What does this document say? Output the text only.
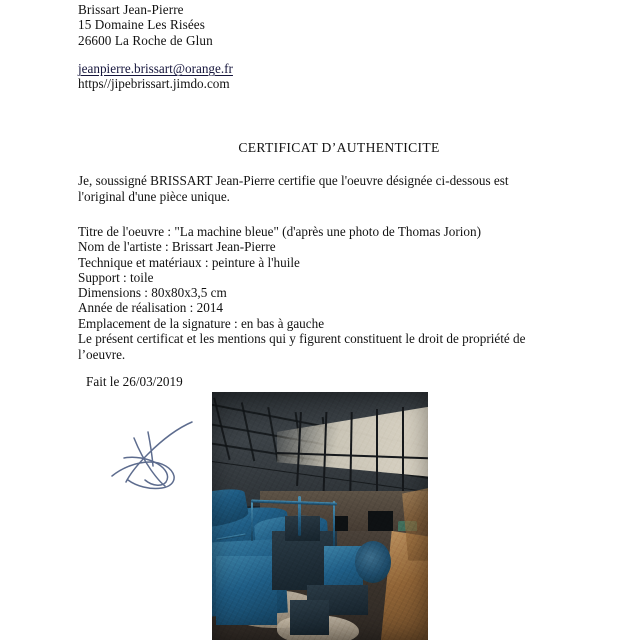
Brissart Jean-Pierre
15 Domaine Les Risées
26600 La Roche de Glun
jeanpierre.brissart@orange.fr
https//jipebrissart.jimdo.com
CERTIFICAT D’AUTHENTICITE
Je, soussigné BRISSART Jean-Pierre certifie que l'oeuvre désignée ci-dessous est l'original d'une pièce unique.
Titre de l'oeuvre : "La machine bleue" (d'après une photo de Thomas Jorion)
Nom de l'artiste : Brissart Jean-Pierre
Technique et matériaux : peinture à l'huile
Support : toile
Dimensions : 80x80x3,5 cm
Année de réalisation : 2014
Emplacement de la signature : en bas à gauche
Le présent certificat et les mentions qui y figurent constituent le droit de propriété de l’oeuvre.
Fait le 26/03/2019
